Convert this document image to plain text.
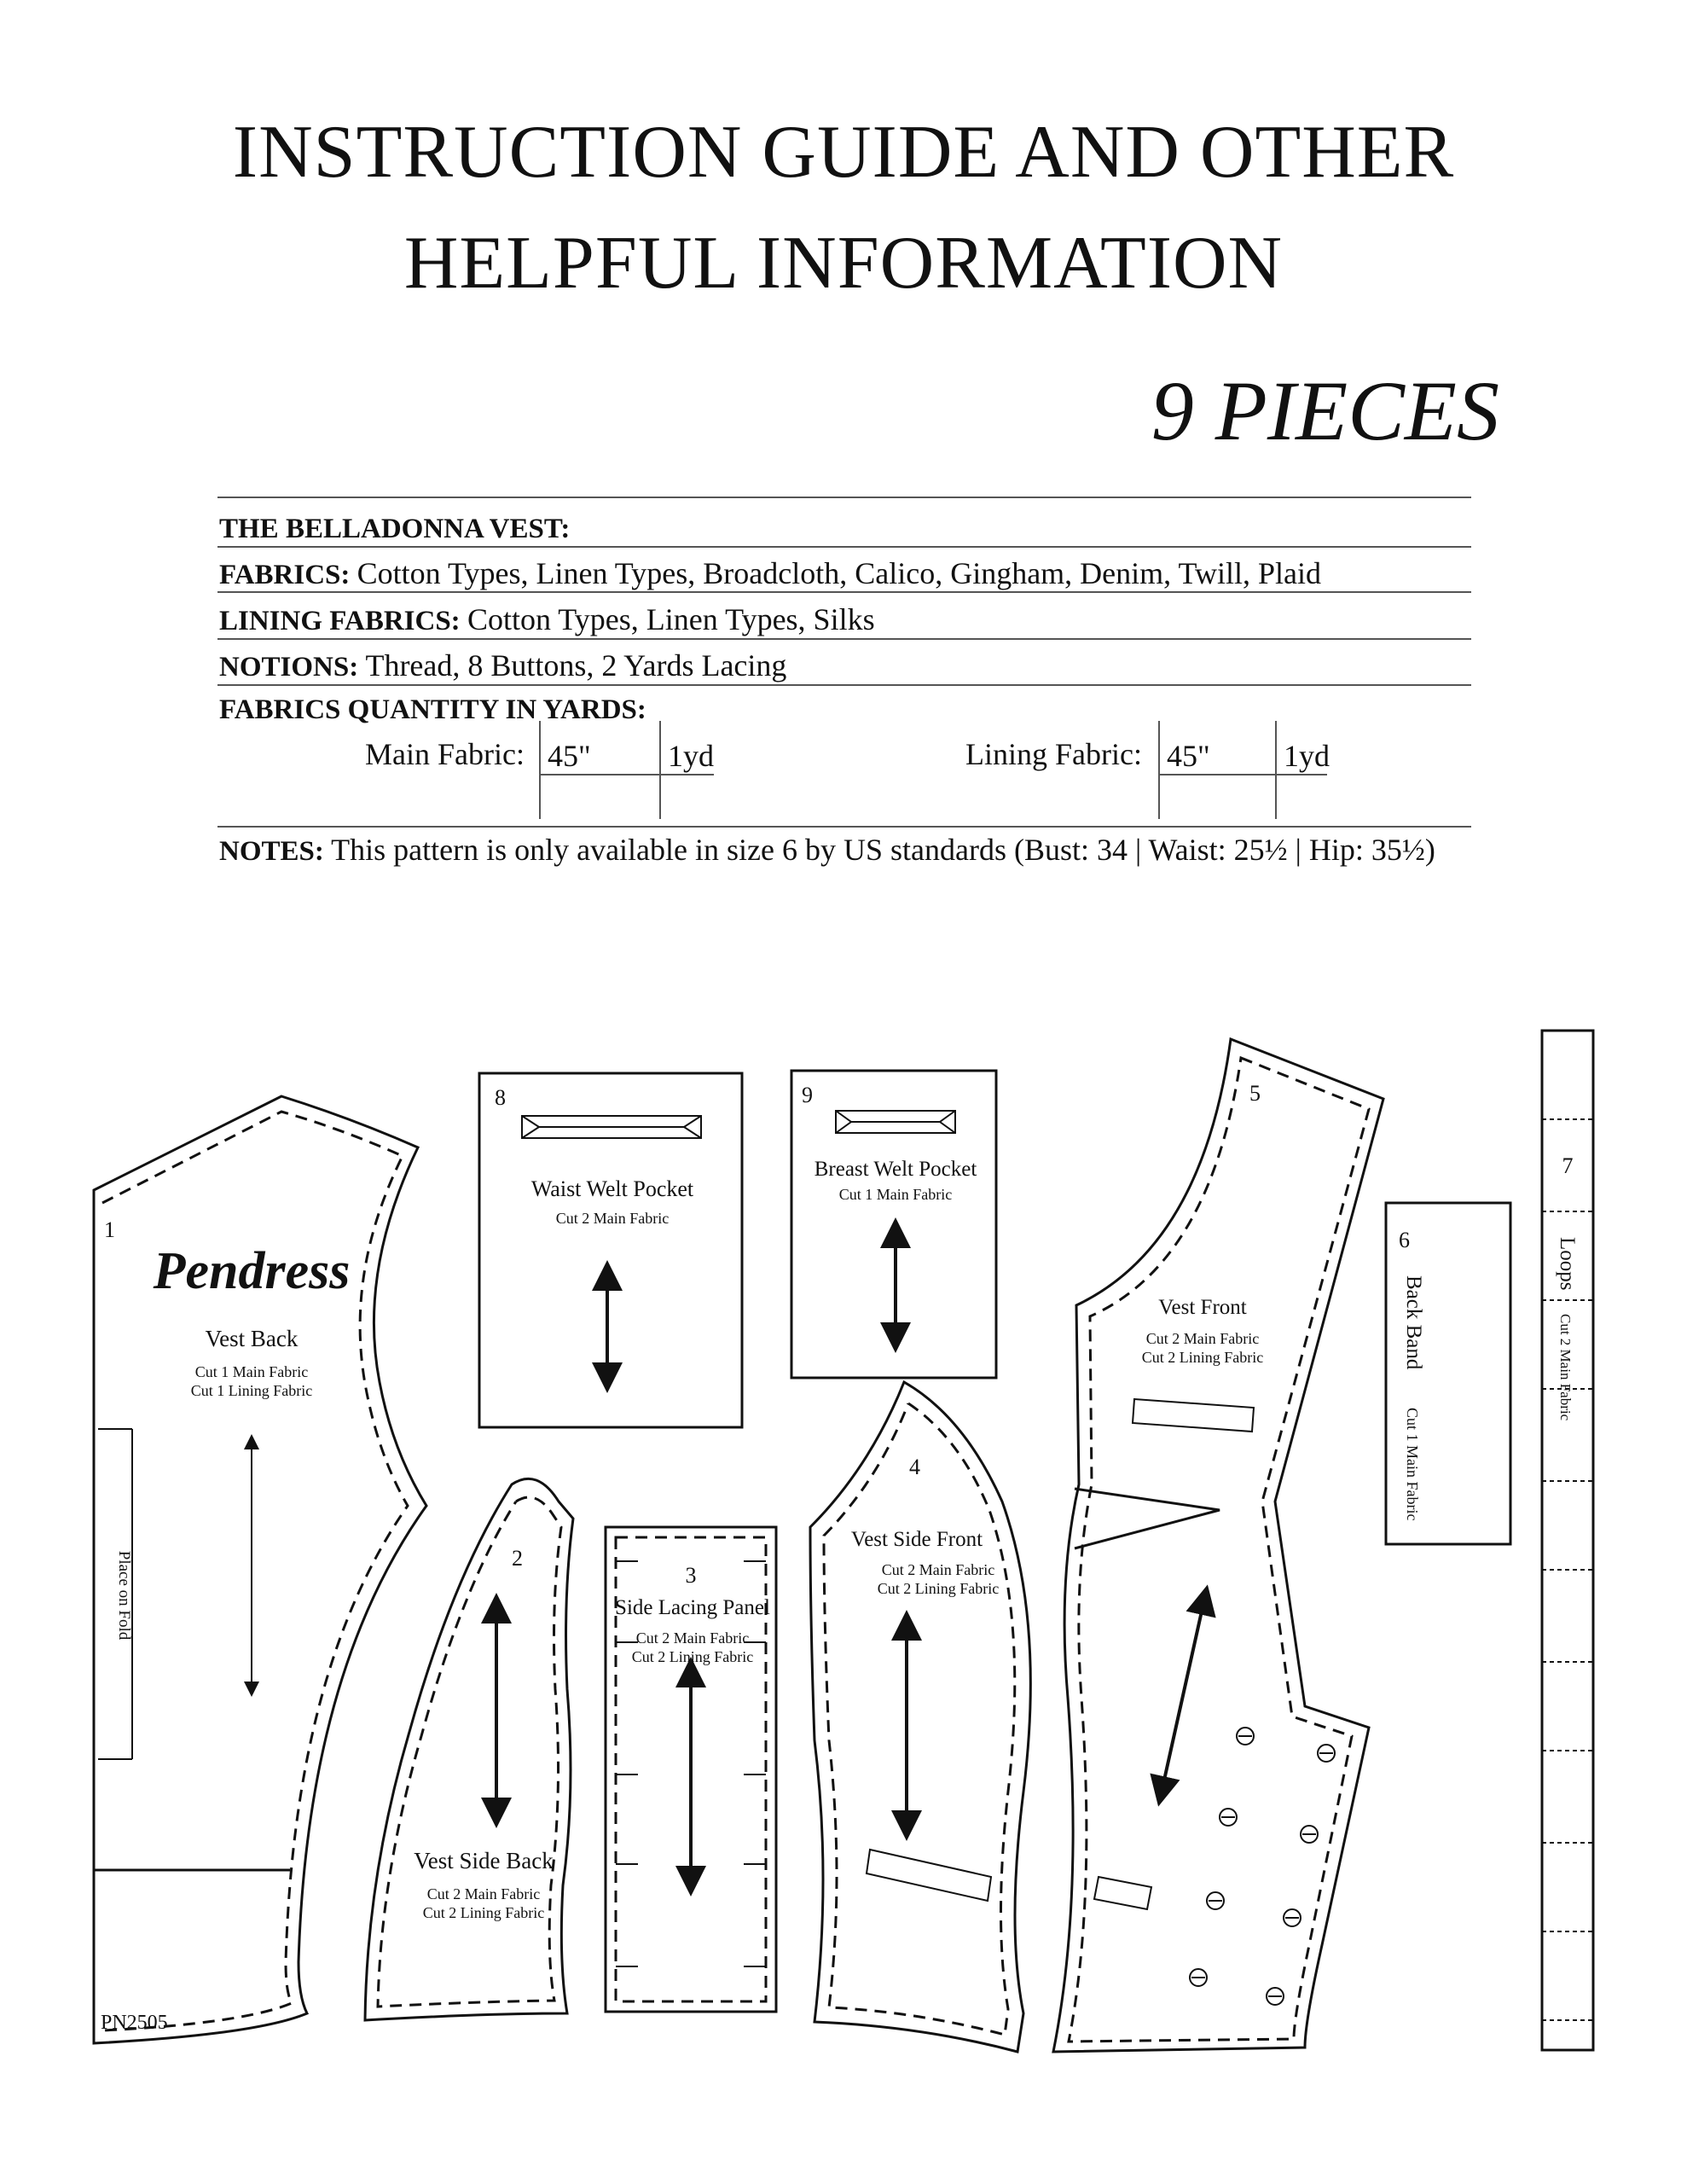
INSTRUCTION GUIDE AND OTHER
HELPFUL INFORMATION
9 PIECES
THE BELLADONNA VEST:
FABRICS: Cotton Types, Linen Types, Broadcloth, Calico, Gingham, Denim, Twill, Plaid
LINING FABRICS: Cotton Types, Linen Types, Silks
NOTIONS: Thread, 8 Buttons, 2 Yards Lacing
FABRICS QUANTITY IN YARDS:
Main Fabric: 45"	1yd	Lining Fabric: 45" 1yd
NOTES: This pattern is only available in size 6 by US standards (Bust: 34 | Waist: 25½ | Hip: 35½)
1
Pendress
Vest Back
Cut 1 Main Fabric
Cut 1 Lining Fabric
Place on Fold
PN2505
2
Vest Side Back
Cut 2 Main Fabric
Cut 2 Lining Fabric
3
Side Lacing Panel
Cut 2 Main Fabric
Cut 2 Lining Fabric
4
Vest Side Front
Cut 2 Main Fabric
Cut 2 Lining Fabric
5
Vest Front
Cut 2 Main Fabric
Cut 2 Lining Fabric
6
Back Band
Cut 1 Main Fabric
7
Loops
Cut 2 Main Fabric
8
Waist Welt Pocket
Cut 2 Main Fabric
9
Breast Welt Pocket
Cut 1 Main Fabric
